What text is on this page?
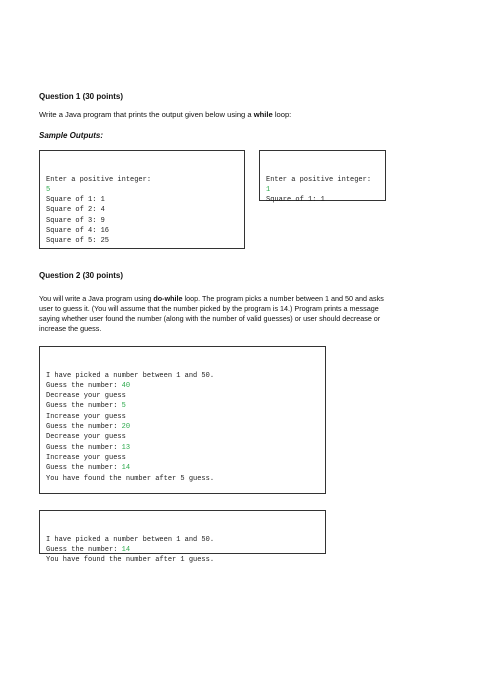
Question 1 (30 points)
Write a Java program that prints the output given below using a while loop:
Sample Outputs:

Enter a positive integer:
5
Square of 1: 1
Square of 2: 4
Square of 3: 9
Square of 4: 16
Square of 5: 25

Enter a positive integer:
1
Square of 1: 1

Question 2 (30 points)
You will write a Java program using do-while loop. The program picks a number between 1 and 50 and asks
user to guess it. (You will assume that the number picked by the program is 14.) Program prints a message
saying whether user found the number (along with the number of valid guesses) or user should decrease or
increase the guess.

I have picked a number between 1 and 50.
Guess the number: 40
Decrease your guess
Guess the number: 5
Increase your guess
Guess the number: 20
Decrease your guess
Guess the number: 13
Increase your guess
Guess the number: 14
You have found the number after 5 guess.

I have picked a number between 1 and 50.
Guess the number: 14
You have found the number after 1 guess.
